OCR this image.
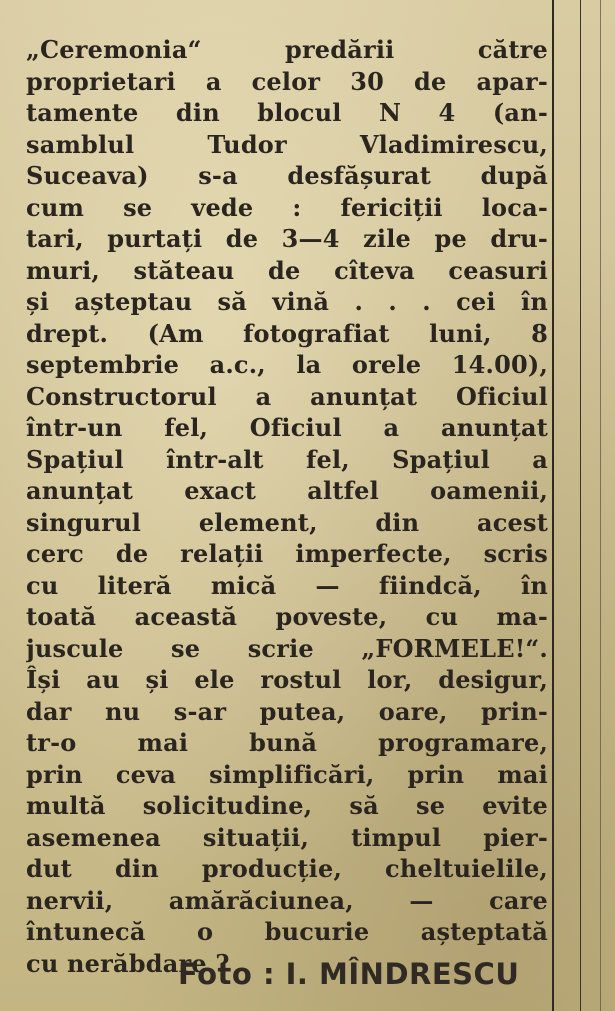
„Ceremonia“ predării către
proprietari a celor 30 de apar-
tamente din blocul N 4 (an-
samblul Tudor Vladimirescu,
Suceava) s-a desfășurat după
cum se vede : fericiții loca-
tari, purtați de 3—4 zile pe dru-
muri, stăteau de cîteva ceasuri
și așteptau să vină . . . cei în
drept. (Am fotografiat luni, 8
septembrie a.c., la orele 14.00),
Constructorul a anunțat Oficiul
într-un fel, Oficiul a anunțat
Spațiul într-alt fel, Spațiul a
anunțat exact altfel oamenii,
singurul element, din acest
cerc de relații imperfecte, scris
cu literă mică — fiindcă, în
toată această poveste, cu ma-
juscule se scrie „FORMELE!“.
Își au și ele rostul lor, desigur,
dar nu s-ar putea, oare, prin-
tr-o mai bună programare,
prin ceva simplificări, prin mai
multă solicitudine, să se evite
asemenea situații, timpul pier-
dut din producție, cheltuielile,
nervii, amărăciunea, — care
întunecă o bucurie așteptată
cu nerăbdare ?
Foto : I. MÎNDRESCU
